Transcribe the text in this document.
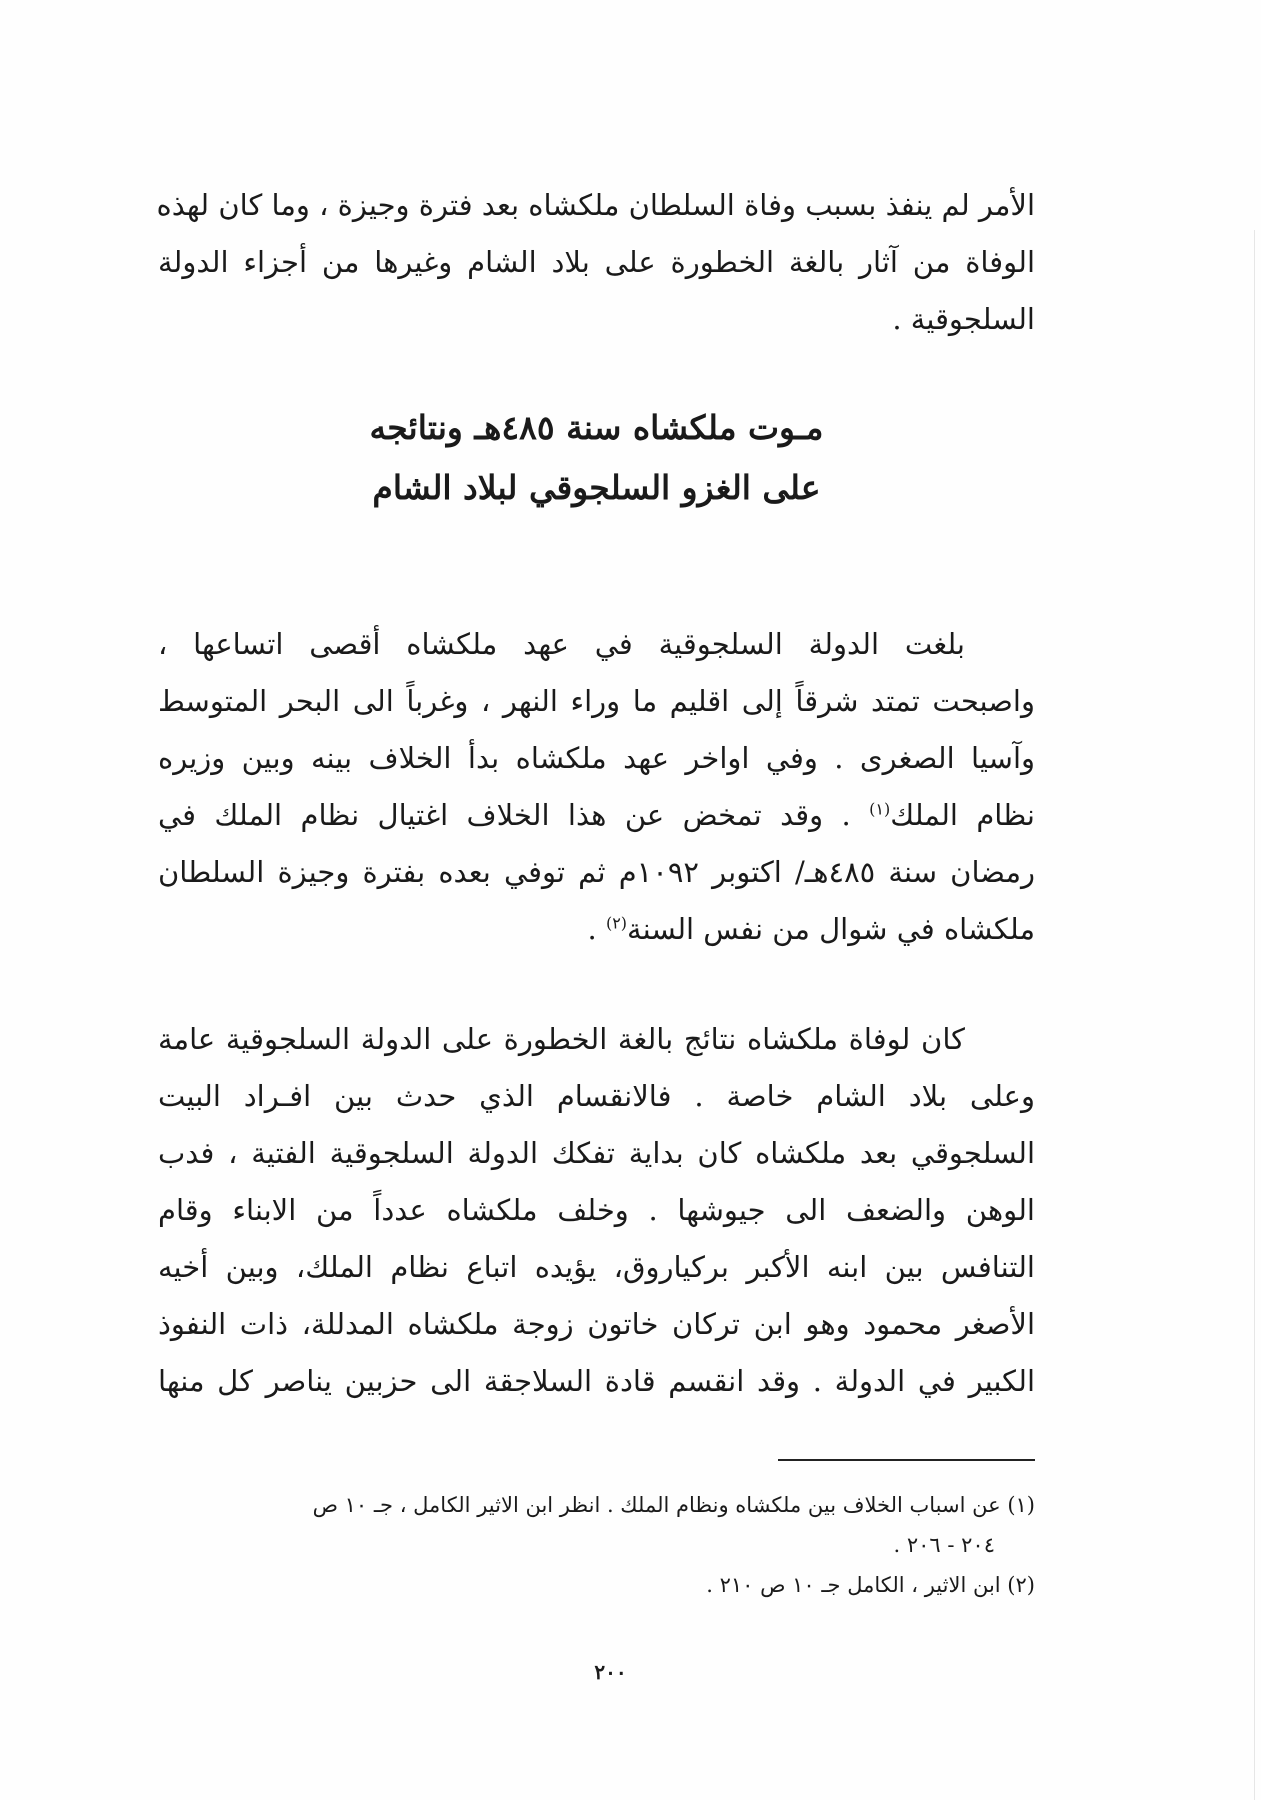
الأمر لم ينفذ بسبب وفاة السلطان ملكشاه بعد فترة وجيزة ، وما كان لهذه
الوفاة من آثار بالغة الخطورة على بلاد الشام وغيرها من أجزاء الدولة
السلجوقية .
مـوت ملكشاه سنة ٤٨٥هـ ونتائجه
على الغزو السلجوقي لبلاد الشام
بلغت الدولة السلجوقية في عهد ملكشاه أقصى اتساعها ،
واصبحت تمتد شرقاً إلى اقليم ما وراء النهر ، وغرباً الى البحر المتوسط
وآسيا الصغرى . وفي اواخر عهد ملكشاه بدأ الخلاف بينه وبين وزيره
نظام الملك$^{(١)}$ . وقد تمخض عن هذا الخلاف اغتيال نظام الملك في
رمضان سنة ٤٨٥هـ/ اكتوبر ١٠٩٢م ثم توفي بعده بفترة وجيزة السلطان
ملكشاه في شوال من نفس السنة$^{(٢)}$ .
كان لوفاة ملكشاه نتائج بالغة الخطورة على الدولة السلجوقية عامة
وعلى بلاد الشام خاصة . فالانقسام الذي حدث بين افـراد البيت
السلجوقي بعد ملكشاه كان بداية تفكك الدولة السلجوقية الفتية ، فدب
الوهن والضعف الى جيوشها . وخلف ملكشاه عدداً من الابناء وقام
التنافس بين ابنه الأكبر بركياروق، يؤيده اتباع نظام الملك، وبين أخيه
الأصغر محمود وهو ابن تركان خاتون زوجة ملكشاه المدللة، ذات النفوذ
الكبير في الدولة . وقد انقسم قادة السلاجقة الى حزبين يناصر كل منها
(١) عن اسباب الخلاف بين ملكشاه ونظام الملك . انظر ابن الاثير الكامل ، جـ ١٠ ص
٢٠٤ - ٢٠٦ .
(٢) ابن الاثير ، الكامل جـ ١٠ ص ٢١٠ .
٢٠٠
